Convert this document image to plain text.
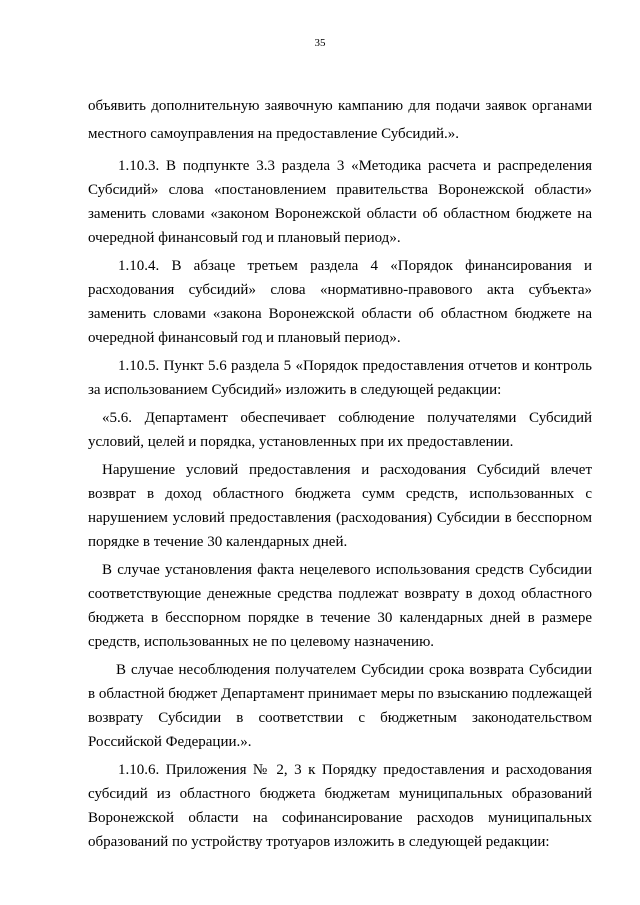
35

объявить дополнительную заявочную кампанию для подачи заявок органами местного самоуправления на предоставление Субсидий.».

1.10.3. В подпункте 3.3 раздела 3 «Методика расчета и распределения Субсидий» слова «постановлением правительства Воронежской области» заменить словами «законом Воронежской области об областном бюджете на очередной финансовый год и плановый период».

1.10.4. В абзаце третьем раздела 4 «Порядок финансирования и расходования субсидий» слова «нормативно-правового акта субъекта» заменить словами «закона Воронежской области об областном бюджете на очередной финансовый год и плановый период».

1.10.5. Пункт 5.6 раздела 5 «Порядок предоставления отчетов и контроль за использованием Субсидий» изложить в следующей редакции:

«5.6. Департамент обеспечивает соблюдение получателями Субсидий условий, целей и порядка, установленных при их предоставлении.

Нарушение условий предоставления и расходования Субсидий влечет возврат в доход областного бюджета сумм средств, использованных с нарушением условий предоставления (расходования) Субсидии в бесспорном порядке в течение 30 календарных дней.

В случае установления факта нецелевого использования средств Субсидии соответствующие денежные средства подлежат возврату в доход областного бюджета в бесспорном порядке в течение 30 календарных дней в размере средств, использованных не по целевому назначению.

В случае несоблюдения получателем Субсидии срока возврата Субсидии в областной бюджет Департамент принимает меры по взысканию подлежащей возврату Субсидии в соответствии с бюджетным законодательством Российской Федерации.».

1.10.6. Приложения № 2, 3 к Порядку предоставления и расходования субсидий из областного бюджета бюджетам муниципальных образований Воронежской области на софинансирование расходов муниципальных образований по устройству тротуаров изложить в следующей редакции:
